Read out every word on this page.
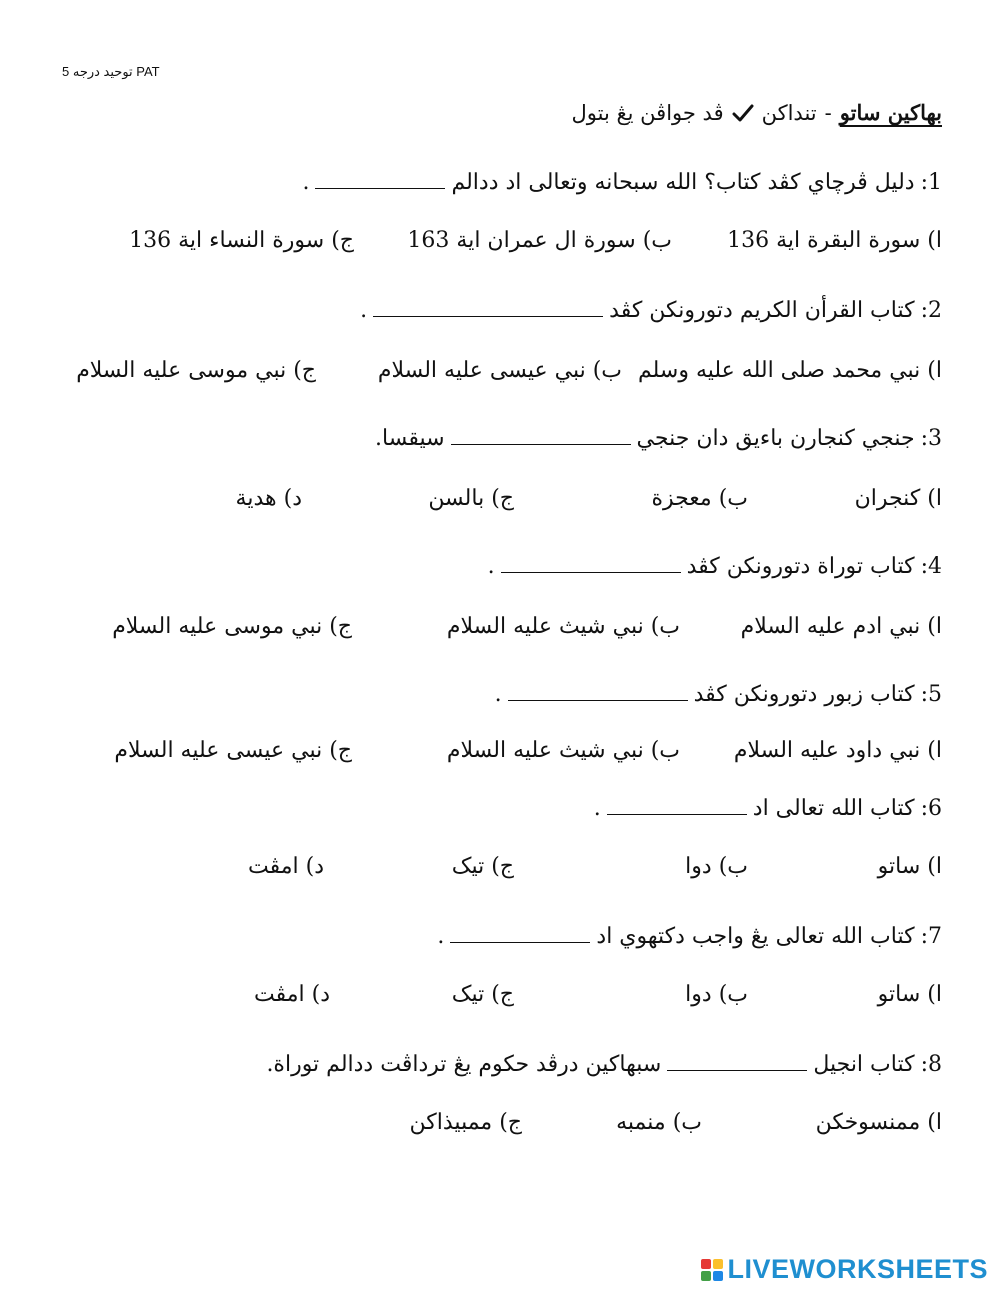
PAT توحيد درجه 5
بهاكين ساتو
-
تنداكن
ڤد جواڤن يڠ بتول
1:
دليل ڤرچاي كڤد كتاب؟ الله سبحانه وتعالى اد ددالم
.
ا) سورة البقرة اية 136
ب) سورة ال عمران اية 163
ج) سورة النساء اية 136
2:
كتاب القرأن الكريم دتورونكن كڤد
.
ا) نبي محمد صلى الله عليه وسلم
ب) نبي عيسى عليه السلام
ج) نبي موسى عليه السلام
3:
جنجي كنجارن باءيق دان جنجي
سيقسا.
ا) كنجران
ب) معجزة
ج) بالسن
د) هدية
4:
كتاب توراة دتورونكن كڤد
.
ا) نبي ادم عليه السلام
ب) نبي شيث عليه السلام
ج) نبي موسى عليه السلام
5:
كتاب زبور دتورونكن كڤد
.
ا) نبي داود عليه السلام
ب) نبي شيث عليه السلام
ج) نبي عيسى عليه السلام
6:
كتاب الله تعالى اد
.
ا) ساتو
ب) دوا
ج) تيک
د) امڤت
7:
كتاب الله تعالى يڠ واجب دكتهوي اد
.
ا) ساتو
ب) دوا
ج) تيک
د) امڤت
8:
كتاب انجيل
سبهاكين درڤد حكوم يڠ ترداڤت ددالم توراة.
ا) ممنسوخكن
ب) منمبه
ج) ممبيذاكن
LIVEWORKSHEETS
